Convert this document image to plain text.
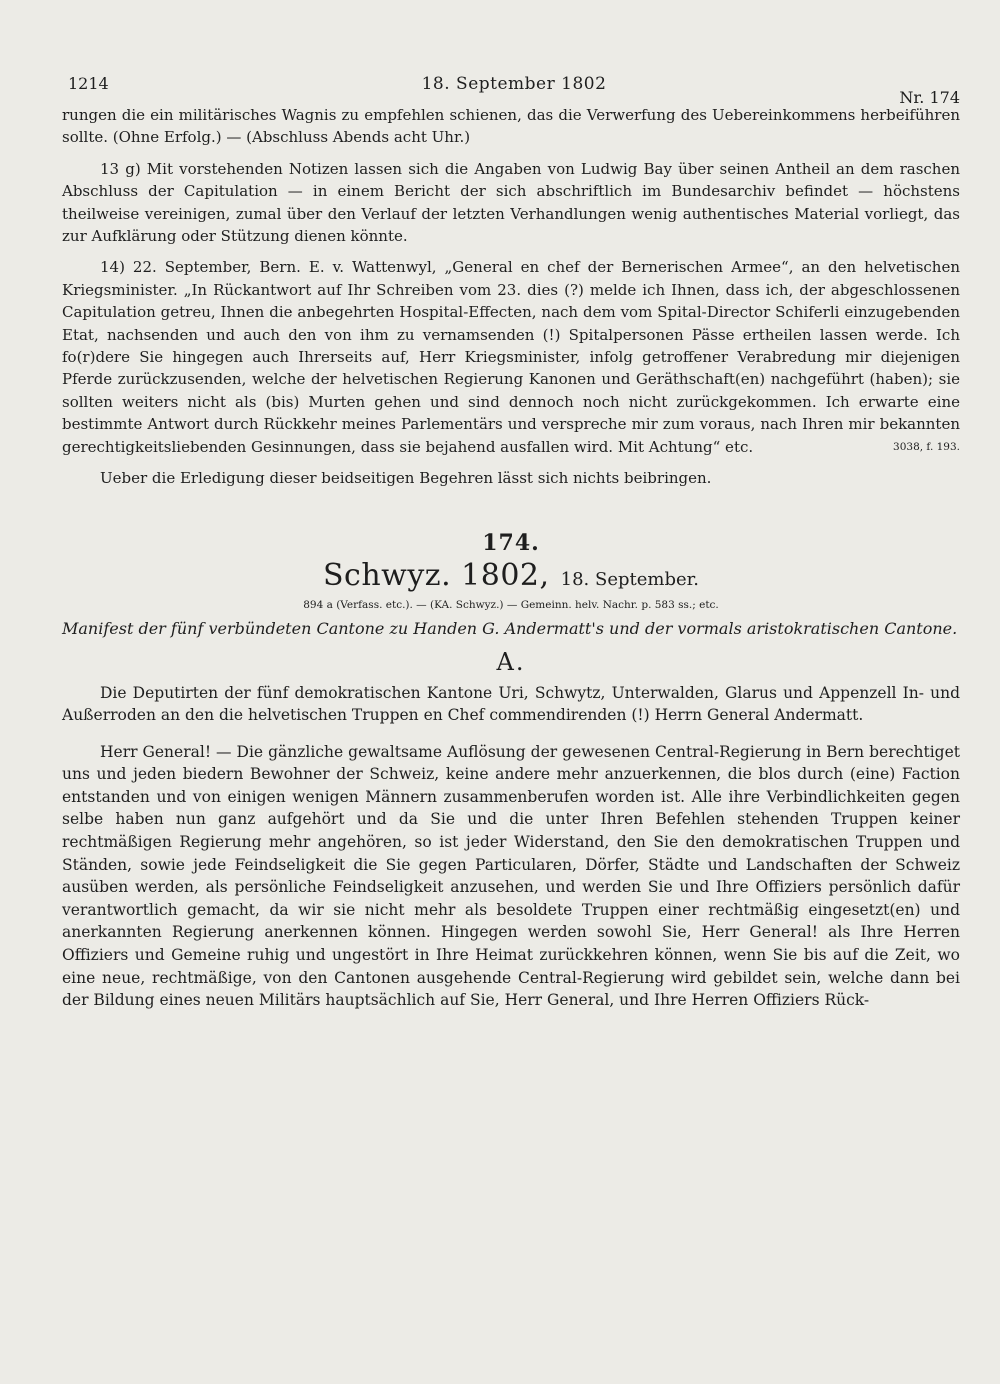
1214	18. September 1802
Nr. 174

rungen die ein militärisches Wagnis zu empfehlen schienen, das die Verwerfung des Uebereinkommens herbeiführen sollte. (Ohne Erfolg.) — (Abschluss Abends acht Uhr.)

13 g) Mit vorstehenden Notizen lassen sich die Angaben von Ludwig Bay über seinen Antheil an dem raschen Abschluss der Capitulation — in einem Bericht der sich abschriftlich im Bundesarchiv befindet — höchstens theilweise vereinigen, zumal über den Verlauf der letzten Verhandlungen wenig authentisches Material vorliegt, das zur Aufklärung oder Stützung dienen könnte.

14) 22. September, Bern. E. v. Wattenwyl, „General en chef der Bernerischen Armee“, an den helvetischen Kriegsminister. „In Rückantwort auf Ihr Schreiben vom 23. dies (?) melde ich Ihnen, dass ich, der abgeschlossenen Capitulation getreu, Ihnen die anbegehrten Hospital-Effecten, nach dem vom Spital-Director Schiferli einzugebenden Etat, nachsenden und auch den von ihm zu vernamsenden (!) Spitalpersonen Pässe ertheilen lassen werde. Ich fo(r)dere Sie hingegen auch Ihrerseits auf, Herr Kriegsminister, infolg getroffener Verabredung mir diejenigen Pferde zurückzusenden, welche der helvetischen Regierung Kanonen und Geräthschaft(en) nachgeführt (haben); sie sollten weiters nicht als (bis) Murten gehen und sind dennoch noch nicht zurückgekommen. Ich erwarte eine bestimmte Antwort durch Rückkehr meines Parlementärs und verspreche mir zum voraus, nach Ihren mir bekannten gerechtigkeitsliebenden Gesinnungen, dass sie bejahend ausfallen wird. Mit Achtung“ etc.	3038, f. 193.

Ueber die Erledigung dieser beidseitigen Begehren lässt sich nichts beibringen.

174.
Schwyz. 1802, 18. September.
894 a (Verfass. etc.). — (KA. Schwyz.) — Gemeinn. helv. Nachr. p. 583 ss.; etc.

Manifest der fünf verbündeten Cantone zu Handen G. Andermatt's und der vormals aristokratischen Cantone.

A.

Die Deputirten der fünf demokratischen Kantone Uri, Schwytz, Unterwalden, Glarus und Appenzell In- und Außerroden an den die helvetischen Truppen en Chef commendirenden (!) Herrn General Andermatt.

Herr General! — Die gänzliche gewaltsame Auflösung der gewesenen Central-Regierung in Bern berechtiget uns und jeden biedern Bewohner der Schweiz, keine andere mehr anzuerkennen, die blos durch (eine) Faction entstanden und von einigen wenigen Männern zusammenberufen worden ist. Alle ihre Verbindlichkeiten gegen selbe haben nun ganz aufgehört und da Sie und die unter Ihren Befehlen stehenden Truppen keiner rechtmäßigen Regierung mehr angehören, so ist jeder Widerstand, den Sie den demokratischen Truppen und Ständen, sowie jede Feindseligkeit die Sie gegen Particularen, Dörfer, Städte und Landschaften der Schweiz ausüben werden, als persönliche Feindseligkeit anzusehen, und werden Sie und Ihre Offiziers persönlich dafür verantwortlich gemacht, da wir sie nicht mehr als besoldete Truppen einer rechtmäßig eingesetzt(en) und anerkannten Regierung anerkennen können. Hingegen werden sowohl Sie, Herr General! als Ihre Herren Offiziers und Gemeine ruhig und ungestört in Ihre Heimat zurückkehren können, wenn Sie bis auf die Zeit, wo eine neue, rechtmäßige, von den Cantonen ausgehende Central-Regierung wird gebildet sein, welche dann bei der Bildung eines neuen Militärs hauptsächlich auf Sie, Herr General, und Ihre Herren Offiziers Rück-
